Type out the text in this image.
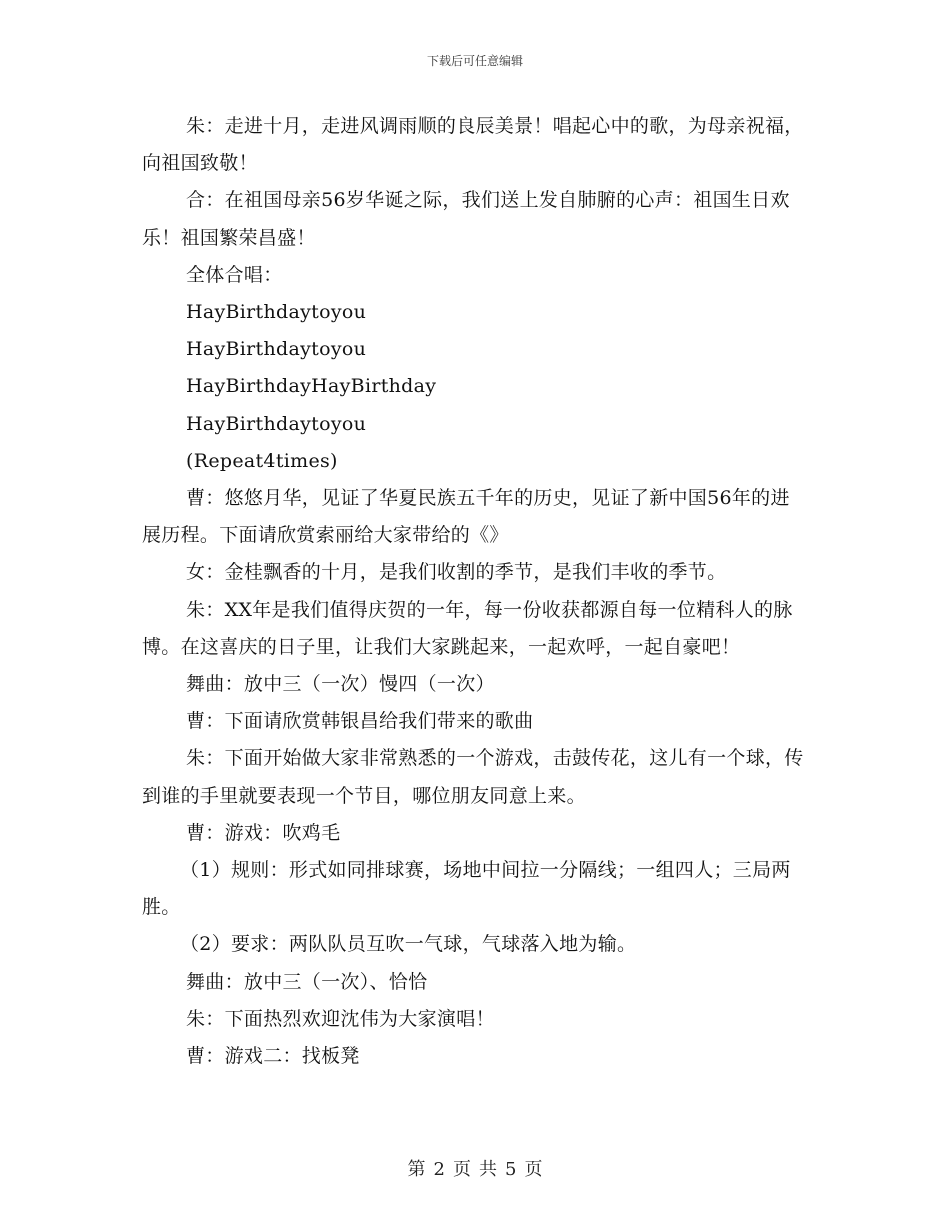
下载后可任意编辑

朱：走进十月，走进风调雨顺的良辰美景！唱起心中的歌，为母亲祝福，向祖国致敬！

合：在祖国母亲56岁华诞之际，我们送上发自肺腑的心声：祖国生日欢乐！祖国繁荣昌盛！

全体合唱：

HayBirthdaytoyou

HayBirthdaytoyou

HayBirthdayHayBirthday

HayBirthdaytoyou

(Repeat4times)

曹：悠悠月华，见证了华夏民族五千年的历史，见证了新中国56年的进展历程。下面请欣赏索丽给大家带给的《》

女：金桂飘香的十月，是我们收割的季节，是我们丰收的季节。

朱：XX年是我们值得庆贺的一年，每一份收获都源自每一位精科人的脉博。在这喜庆的日子里，让我们大家跳起来，一起欢呼，一起自豪吧！

舞曲：放中三（一次）慢四（一次）

曹：下面请欣赏韩银昌给我们带来的歌曲

朱：下面开始做大家非常熟悉的一个游戏，击鼓传花，这儿有一个球，传到谁的手里就要表现一个节目，哪位朋友同意上来。

曹：游戏：吹鸡毛

（1）规则：形式如同排球赛，场地中间拉一分隔线；一组四人；三局两胜。

（2）要求：两队队员互吹一气球，气球落入地为输。

舞曲：放中三（一次）、恰恰

朱：下面热烈欢迎沈伟为大家演唱！

曹：游戏二：找板凳

第 2 页 共 5 页
